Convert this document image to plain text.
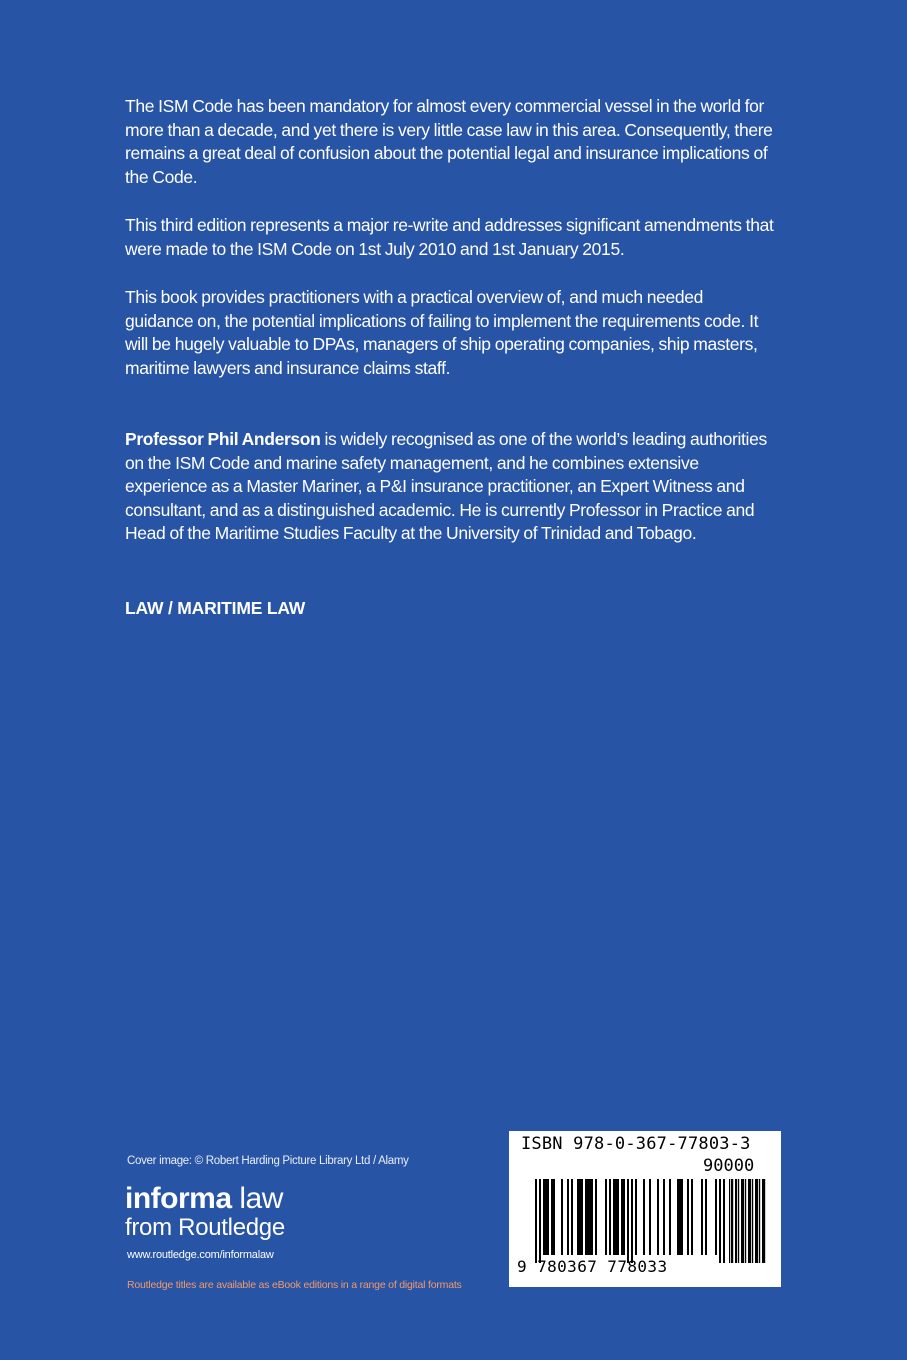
The ISM Code has been mandatory for almost every commercial vessel in the world for more than a decade, and yet there is very little case law in this area. Consequently, there remains a great deal of confusion about the potential legal and insurance implications of the Code.

This third edition represents a major re-write and addresses significant amendments that were made to the ISM Code on 1st July 2010 and 1st January 2015.

This book provides practitioners with a practical overview of, and much needed guidance on, the potential implications of failing to implement the requirements code. It will be hugely valuable to DPAs, managers of ship operating companies, ship masters, maritime lawyers and insurance claims staff.

Professor Phil Anderson is widely recognised as one of the world’s leading authorities on the ISM Code and marine safety management, and he combines extensive experience as a Master Mariner, a P&I insurance practitioner, an Expert Witness and consultant, and as a distinguished academic. He is currently Professor in Practice and Head of the Maritime Studies Faculty at the University of Trinidad and Tobago.

LAW / MARITIME LAW

Cover image: © Robert Harding Picture Library Ltd / Alamy
informa law
from Routledge
www.routledge.com/informalaw
Routledge titles are available as eBook editions in a range of digital formats
ISBN 978-0-367-77803-3
90000
9 780367 778033
